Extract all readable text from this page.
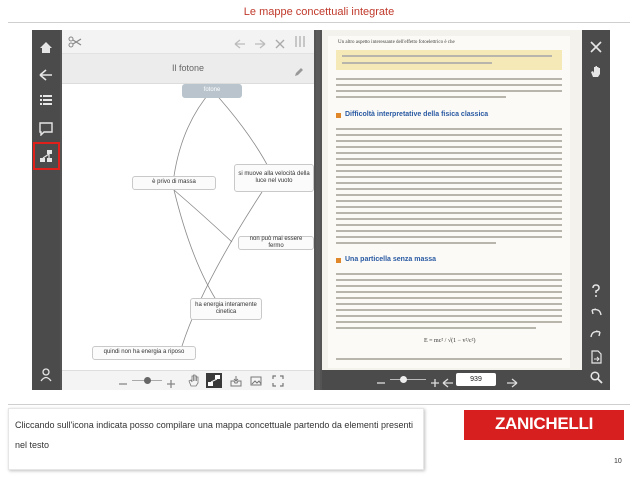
Le mappe concettuali integrate
Il fotone
fotone
è privo di massa
si muove alla velocità della luce nel vuoto
non può mai essere fermo
ha energia interamente cinetica
quindi non ha energia a riposo
Un altro aspetto interessante dell'effetto fotoelettrico è che
Difficoltà interpretative della fisica classica
Una particella senza massa
E = mc² / √(1 − v²/c²)
939
Cliccando sull'icona indicata posso compilare una mappa concettuale partendo da elementi presenti nel testo
ZANICHELLI
10
